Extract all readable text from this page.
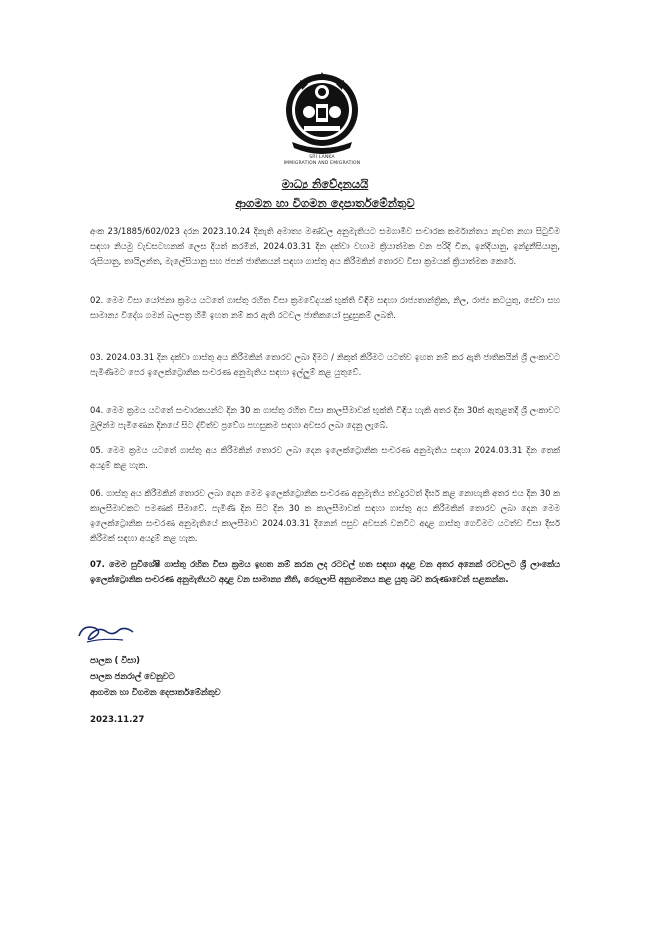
SRI LANKA
IMMIGRATION AND EMIGRATION
මාධ්‍ය නිවේදනයයි
ආගමන හා විගමන දෙපාර්තමේන්තුව
අංක 23/1885/602/023 දරන 2023.10.24 දිනැති අමාත්‍ය මණ්ඩල අනුමැතියට සමගාමීව සංචාරක කර්මාන්තය නැවත නගා සිටුවීම සඳහා නියමු වැඩසටහනක් ලෙස දියත් කරමින්, 2024.03.31 දින දක්වා වහාම ක්‍රියාත්මක වන පරිදි චීන, ඉන්දියානු, ඉන්දුනීසියානු, රුසියානු, තායිලන්ත, මැලේසියානු සහ ජපන් ජාතිකයන් සඳහා ගාස්තු අය කිරීමකින් තොරව විසා ක්‍රමයක් ක්‍රියාත්මක කෙරේ.
02. මෙම විසා යෝජනා ක්‍රමය යටතේ ගාස්තු රහිත විසා ක්‍රමවේදයක් භුක්ති විඳීම සඳහා රාජ්‍යතාන්ත්‍රික, නිල, රාජ්‍ය කටයුතු, සේවා සහ සාමාන්‍ය විදේශ ගමන් බලපත්‍ර හිමි ඉහත නම් කර ඇති රටවල ජාතිකයෝ සුදුසුකම් ලබති.
03. 2024.03.31 දින දක්වා ගාස්තු අය කිරීමකින් තොරව ලබා දීමට / නිකුත් කිරීමට යටත්ව ඉහත නම් කර ඇති ජාතිකයින් ශ්‍රී ලංකාවට පැමිණීමට පෙර ඉලෙක්ට්‍රොනික සංචරණ අනුමැතිය සඳහා ඉල්ලුම් කළ යුතුවේ.
04. මෙම ක්‍රමය යටතේ සංචාරකයන්ට දින 30 ක ගාස්තු රහිත විසා කාලසීමාවක් භුක්ති විඳිය හැකි අතර දින 30ක් ඇතුළතදී ශ්‍රී ලංකාවට මුලින්ම පැමිණෙන දිනයේ සිට ද්විත්ව ප්‍රවේශ පහසුකම සඳහා අවසර ලබා දෙනු ලැබේ.
05. මෙම ක්‍රමය යටතේ ගාස්තු අය කිරීමකින් තොරව ලබා දෙන ඉලෙක්ට්‍රොනික සංචරණ අනුමැතිය සඳහා 2024.03.31 දින තෙක් අයදුම් කළ හැක.
06. ගාස්තු අය කිරීමකින් තොරව ලබා දෙන මෙම ඉලෙක්ට්‍රොනික සංචරණ අනුමැතිය තවදුරටත් දීර්ඝ කළ නොහැකි අතර එය දින 30 ක කාලසීමාවකට පමණක් සීමාවේ. පැමිණි දින සිට දින 30 ක කාලසීමාවක් සඳහා ගාස්තු අය කිරීමකින් තොරව ලබා දෙන මෙම ඉලෙක්ට්‍රොනික සංචරණ අනුමැතියේ කාලසීමාව 2024.03.31 දිනෙන් පසුව අවසන් වනවිට අදාළ ගාස්තු ගෙවීමට යටත්ව විසා දීර්ඝ කිරීමක් සඳහා අයදුම් කළ හැක.
07. මෙම සුවිශේෂී ගාස්තු රහිත විසා ක්‍රමය ඉහත නම් කරන ලද රටවල් හත සඳහා අදාළ වන අතර අනෙක් රටවලට ශ්‍රී ලාංකේය ඉලෙක්ට්‍රොනික සංචරණ අනුමැතියට අදාළ වන සාමාන්‍ය නීති, රෙගුලාසි අනුගමනය කළ යුතු බව කරුණාවෙන් සළකන්න.
පාලක ( විසා)
පාලක ජනරාල් වෙනුවට
ආගමන හා විගමන දෙපාර්තමේන්තුව
2023.11.27
